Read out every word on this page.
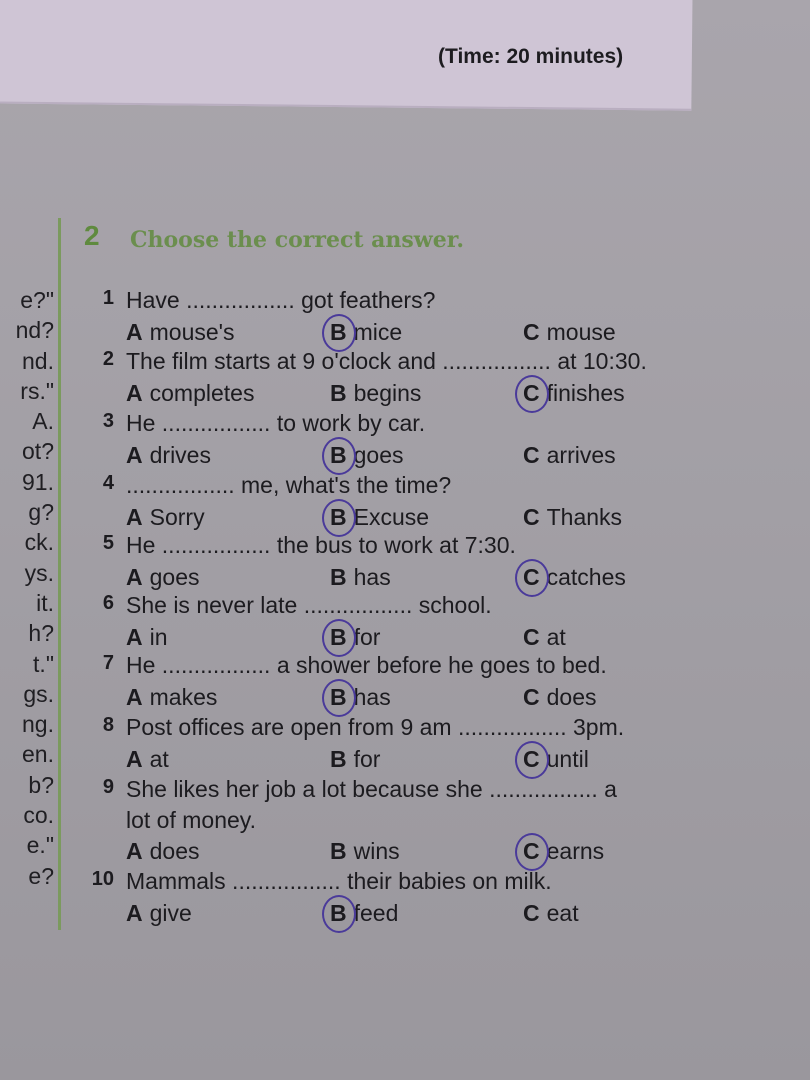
(Time: 20 minutes)
e?"
nd?
nd.
rs."
A.
ot?
91.
g?
ck.
ys.
it.
h?
t."
gs.
ng.
en.
b?
co.
e."
e?
2 Choose the correct answer.
1 Have ................. got feathers?
A mouse's	B mice	C mouse
2 The film starts at 9 o'clock and ................. at 10:30.
A completes	B begins	C finishes
3 He ................. to work by car.
A drives	B goes	C arrives
4 ................. me, what's the time?
A Sorry	B Excuse	C Thanks
5 He ................. the bus to work at 7:30.
A goes	B has	C catches
6 She is never late ................. school.
A in	B for	C at
7 He ................. a shower before he goes to bed.
A makes	B has	C does
8 Post offices are open from 9 am ................. 3pm.
A at	B for	C until
9 She likes her job a lot because she ................. a
lot of money.
A does	B wins	C earns
10 Mammals ................. their babies on milk.
A give	B feed	C eat
